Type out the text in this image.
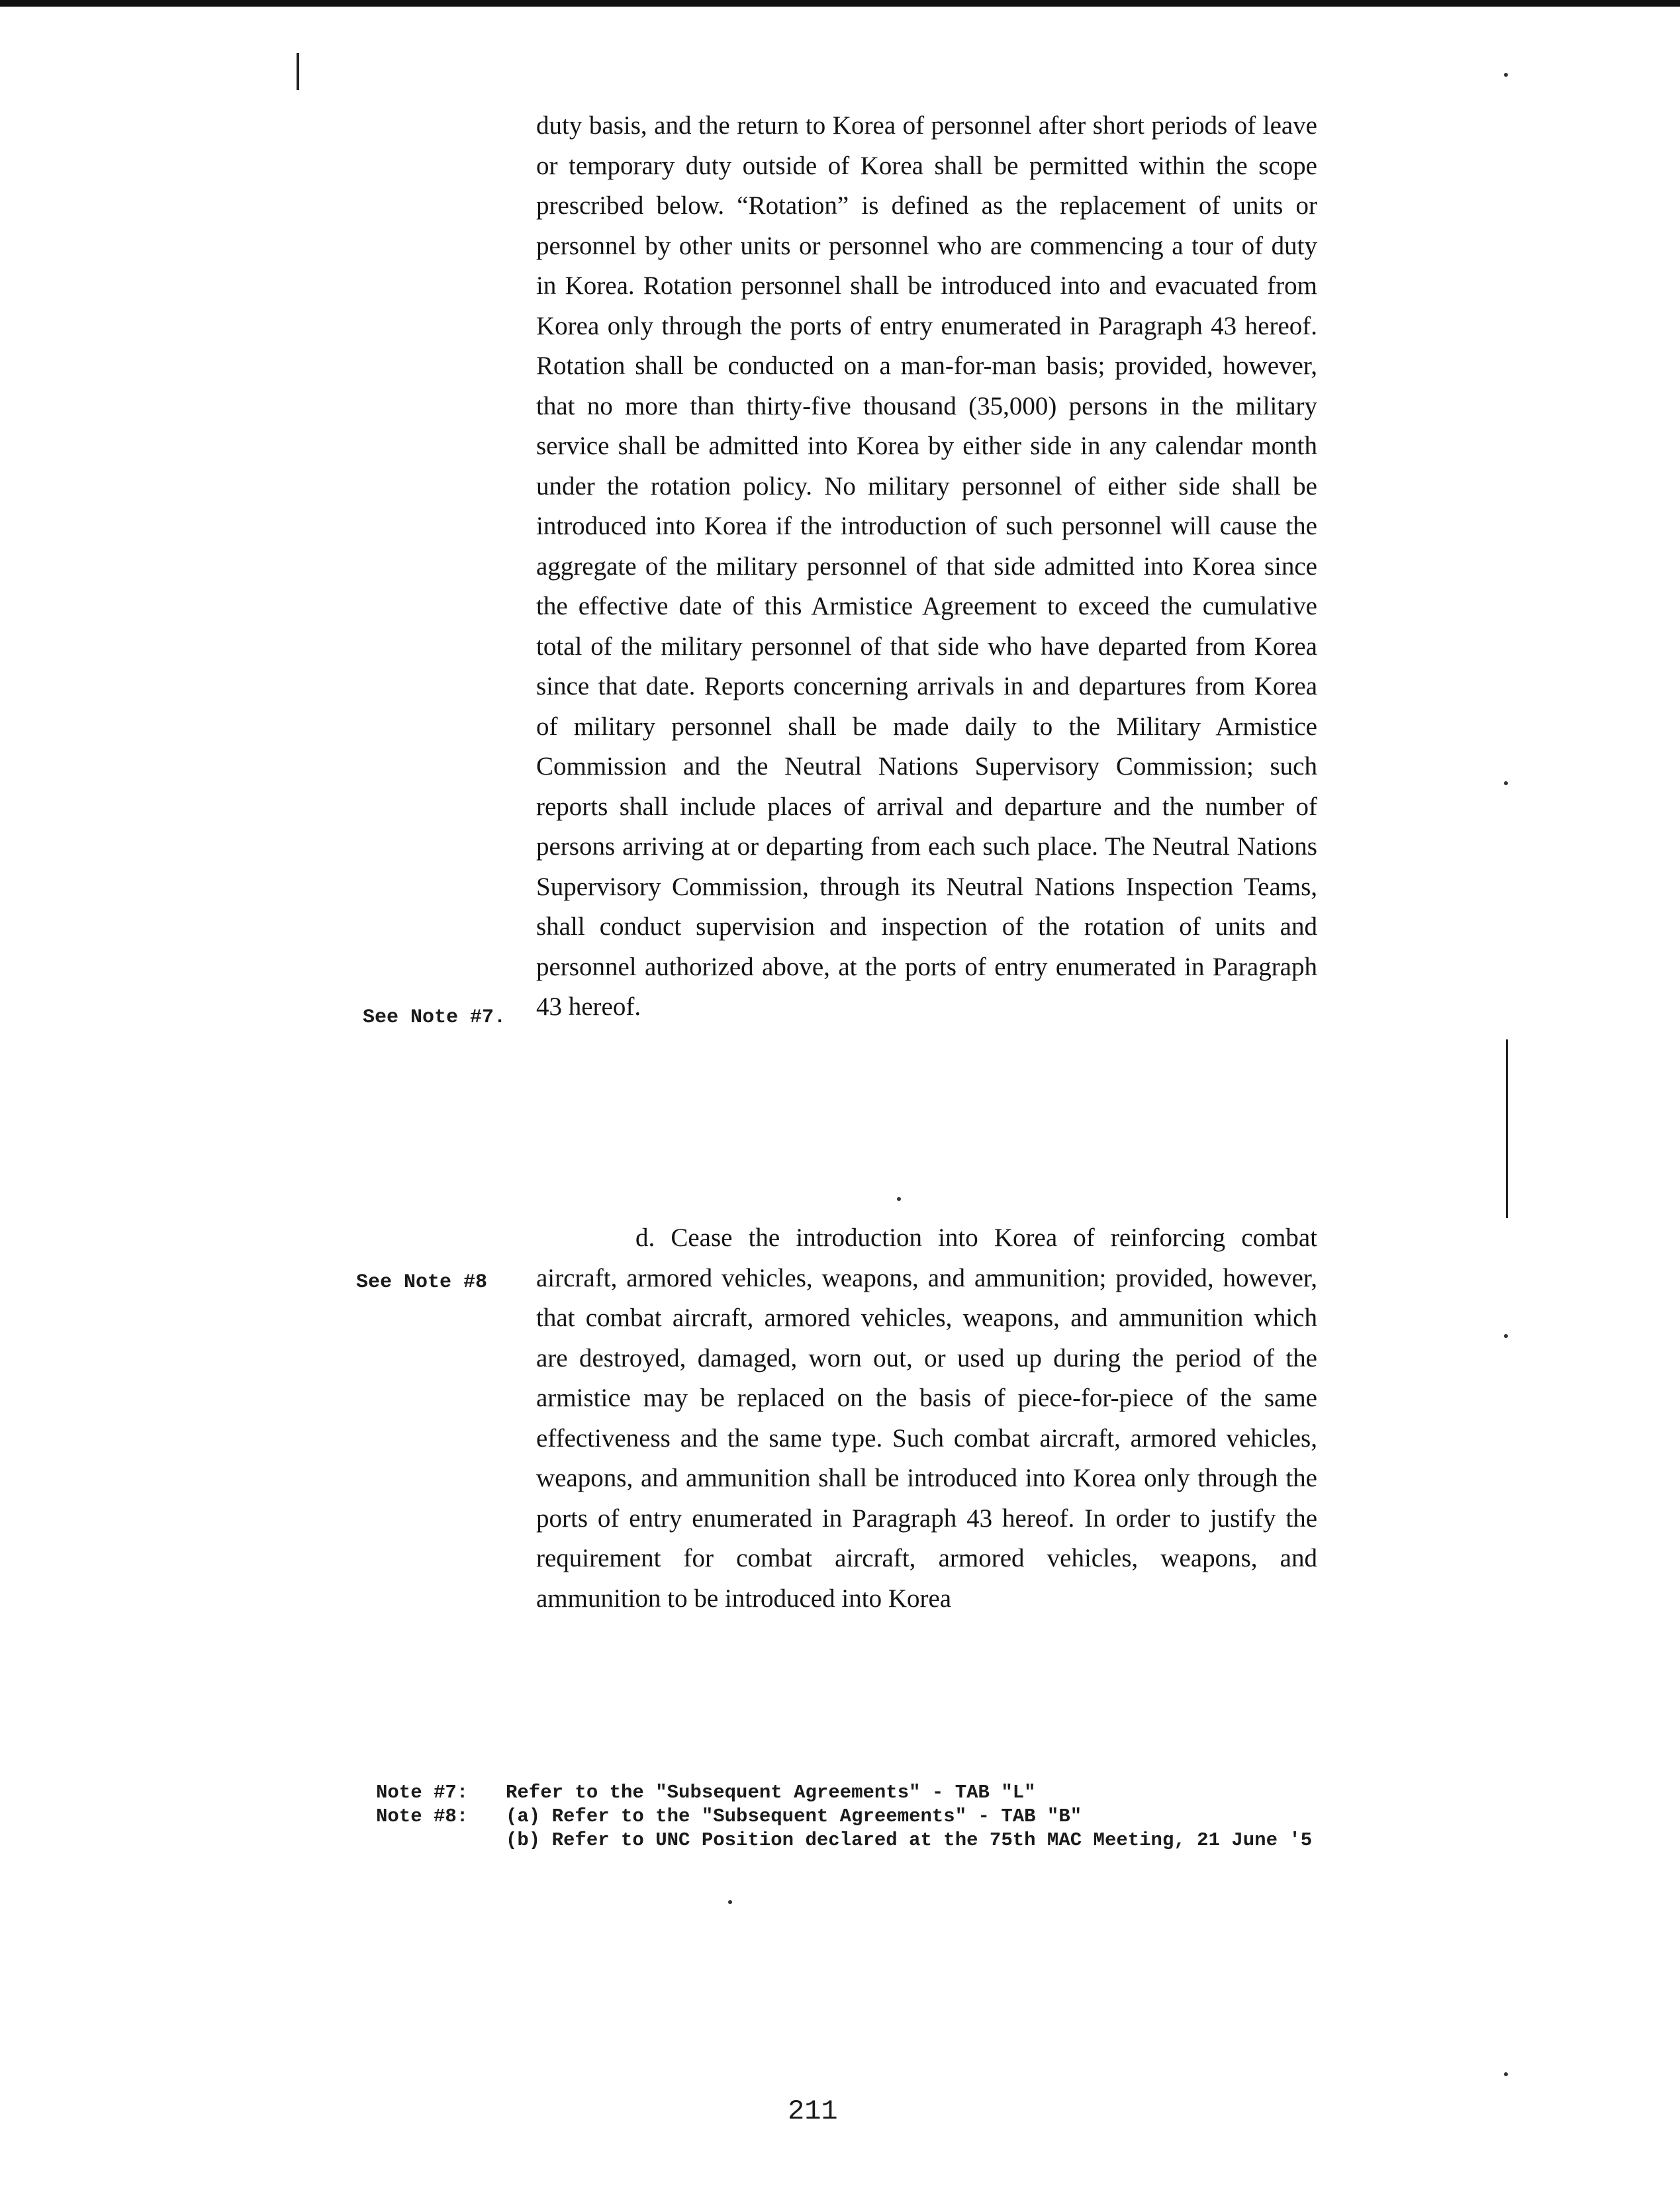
duty basis, and the return to Korea of personnel after short periods of leave or temporary duty outside of Korea shall be permitted within the scope prescribed below. “Rotation” is defined as the replacement of units or personnel by other units or personnel who are commencing a tour of duty in Korea. Rotation personnel shall be introduced into and evacuated from Korea only through the ports of entry enumerated in Paragraph 43 hereof. Rotation shall be conducted on a man-for-man basis; provided, however, that no more than thirty-five thousand (35,000) persons in the military service shall be admitted into Korea by either side in any calendar month under the rotation policy. No military personnel of either side shall be introduced into Korea if the introduction of such personnel will cause the aggregate of the military personnel of that side admitted into Korea since the effective date of this Armistice Agreement to exceed the cumulative total of the military personnel of that side who have departed from Korea since that date. Reports concerning arrivals in and departures from Korea of military personnel shall be made daily to the Military Armistice Commission and the Neutral Nations Supervisory Commission; such reports shall include places of arrival and departure and the number of persons arriving at or departing from each such place. The Neutral Nations Supervisory Commission, through its Neutral Nations Inspection Teams, shall conduct supervision and inspection of the rotation of units and personnel authorized above, at the ports of entry enumerated in Paragraph 43 hereof.

d. Cease the introduction into Korea of reinforcing combat aircraft, armored vehicles, weapons, and ammunition; provided, however, that combat aircraft, armored vehicles, weapons, and ammunition which are destroyed, damaged, worn out, or used up during the period of the armistice may be replaced on the basis of piece-for-piece of the same effectiveness and the same type. Such combat aircraft, armored vehicles, weapons, and ammunition shall be introduced into Korea only through the ports of entry enumerated in Paragraph 43 hereof. In order to justify the requirement for combat aircraft, armored vehicles, weapons, and ammunition to be introduced into Korea

See Note #7.
See Note #8
Note #7:	Refer to the "Subsequent Agreements" - TAB "L"
Note #8:	(a) Refer to the "Subsequent Agreements" - TAB "B"
(b) Refer to UNC Position declared at the 75th MAC Meeting, 21 June '5
211
